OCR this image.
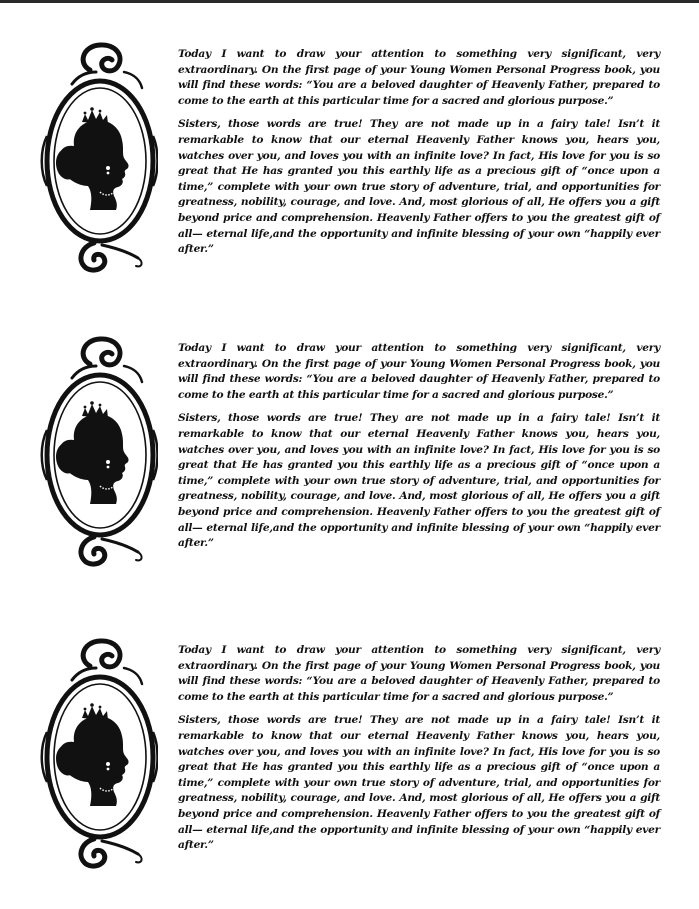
Today I want to draw your attention to something very significant, very extraordinary. On the first page of your Young Women Personal Progress book, you will find these words: “You are a beloved daughter of Heavenly Father, prepared to come to the earth at this particular time for a sacred and glorious purpose.”

Sisters, those words are true! They are not made up in a fairy tale! Isn’t it remarkable to know that our eternal Heavenly Father knows you, hears you, watches over you, and loves you with an infinite love? In fact, His love for you is so great that He has granted you this earthly life as a precious gift of “once upon a time,” complete with your own true story of adventure, trial, and opportunities for greatness, nobility, courage, and love. And, most glorious of all, He offers you a gift beyond price and comprehension. Heavenly Father offers to you the greatest gift of all— eternal life,and the opportunity and infinite blessing of your own “happily ever after.”

Today I want to draw your attention to something very significant, very extraordinary. On the first page of your Young Women Personal Progress book, you will find these words: “You are a beloved daughter of Heavenly Father, prepared to come to the earth at this particular time for a sacred and glorious purpose.”

Sisters, those words are true! They are not made up in a fairy tale! Isn’t it remarkable to know that our eternal Heavenly Father knows you, hears you, watches over you, and loves you with an infinite love? In fact, His love for you is so great that He has granted you this earthly life as a precious gift of “once upon a time,” complete with your own true story of adventure, trial, and opportunities for greatness, nobility, courage, and love. And, most glorious of all, He offers you a gift beyond price and comprehension. Heavenly Father offers to you the greatest gift of all— eternal life,and the opportunity and infinite blessing of your own “happily ever after.”

Today I want to draw your attention to something very significant, very extraordinary. On the first page of your Young Women Personal Progress book, you will find these words: “You are a beloved daughter of Heavenly Father, prepared to come to the earth at this particular time for a sacred and glorious purpose.”

Sisters, those words are true! They are not made up in a fairy tale! Isn’t it remarkable to know that our eternal Heavenly Father knows you, hears you, watches over you, and loves you with an infinite love? In fact, His love for you is so great that He has granted you this earthly life as a precious gift of “once upon a time,” complete with your own true story of adventure, trial, and opportunities for greatness, nobility, courage, and love. And, most glorious of all, He offers you a gift beyond price and comprehension. Heavenly Father offers to you the greatest gift of all— eternal life,and the opportunity and infinite blessing of your own “happily ever after.”
